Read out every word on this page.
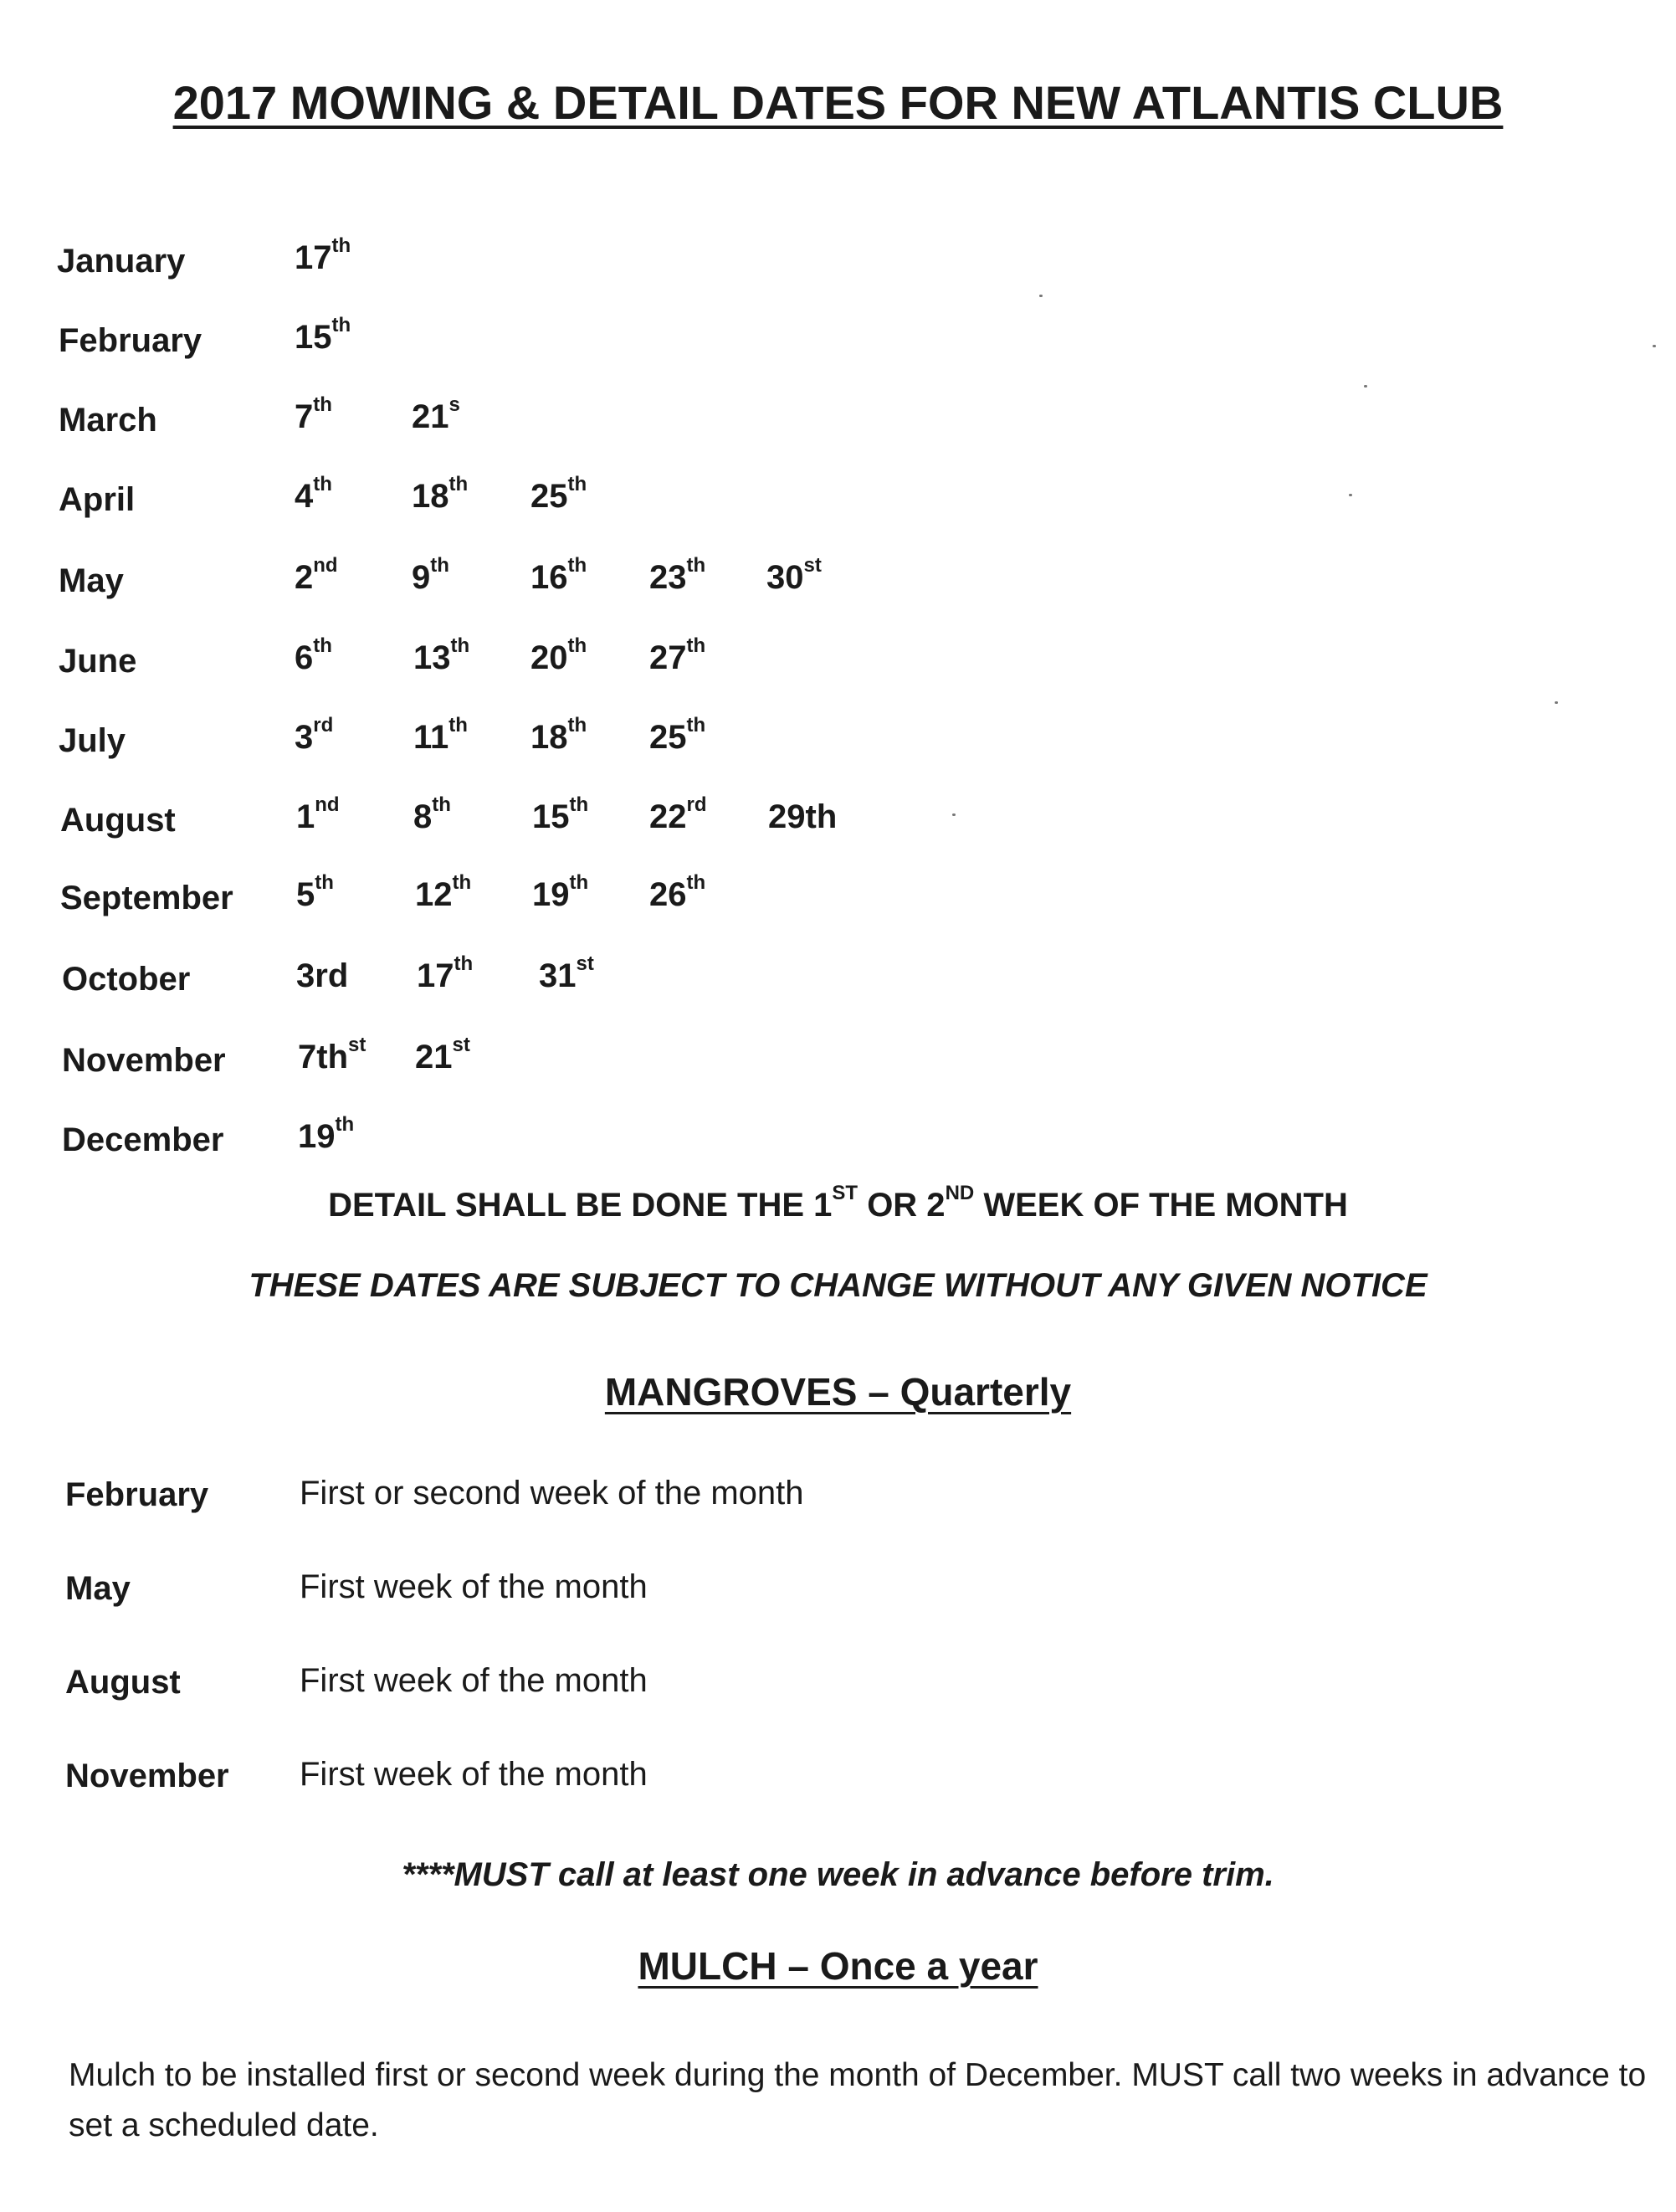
2017 MOWING & DETAIL DATES FOR NEW ATLANTIS CLUB
January	17th
February	15th
March	7th 21$^s$
April	4th 18th 25th
May	2nd 9th 16th 23th 30st
June	6th 13th 20th 27th
July	3rd 11th 18th 25th
August	1nd 8th 15th 22rd 29th
September 5th 12th 19th 26th
October	3rd 17th 31st
November $7th^{st}$ 21st
December 19th
DETAIL SHALL BE DONE THE 1ST OR 2ND WEEK OF THE MONTH
THESE DATES ARE SUBJECT TO CHANGE WITHOUT ANY GIVEN NOTICE
MANGROVES – Quarterly
February	First or second week of the month
May	First week of the month
August	First week of the month
November First week of the month
****MUST call at least one week in advance before trim.
MULCH – Once a year
Mulch to be installed first or second week during the month of December. MUST call two weeks in advance to set a scheduled date.
